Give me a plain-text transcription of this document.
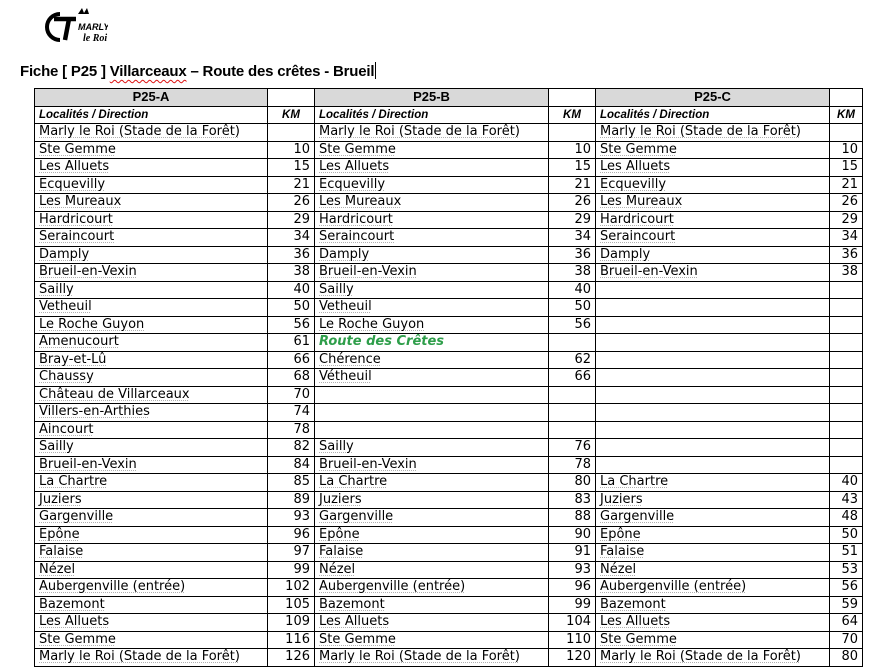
MARLY
le Roi
Fiche [ P25 ] Villarceaux – Route des crêtes - Brueil
P25-A		P25-B		P25-C	
Localités / Direction	KM	Localités / Direction	KM	Localités / Direction	KM
Marly le Roi (Stade de la Forêt)		Marly le Roi (Stade de la Forêt)		Marly le Roi (Stade de la Forêt)	
Ste Gemme	10	Ste Gemme	10	Ste Gemme	10
Les Alluets	15	Les Alluets	15	Les Alluets	15
Ecquevilly	21	Ecquevilly	21	Ecquevilly	21
Les Mureaux	26	Les Mureaux	26	Les Mureaux	26
Hardricourt	29	Hardricourt	29	Hardricourt	29
Seraincourt	34	Seraincourt	34	Seraincourt	34
Damply	36	Damply	36	Damply	36
Brueil-en-Vexin	38	Brueil-en-Vexin	38	Brueil-en-Vexin	38
Sailly	40	Sailly	40		
Vetheuil	50	Vetheuil	50		
Le Roche Guyon	56	Le Roche Guyon	56		
Amenucourt	61	Route des Crêtes			
Bray-et-Lû	66	Chérence	62		
Chaussy	68	Vétheuil	66		
Château de Villarceaux	70				
Villers-en-Arthies	74				
Aincourt	78				
Sailly	82	Sailly	76		
Brueil-en-Vexin	84	Brueil-en-Vexin	78		
La Chartre	85	La Chartre	80	La Chartre	40
Juziers	89	Juziers	83	Juziers	43
Gargenville	93	Gargenville	88	Gargenville	48
Epône	96	Epône	90	Epône	50
Falaise	97	Falaise	91	Falaise	51
Nézel	99	Nézel	93	Nézel	53
Aubergenville (entrée)	102	Aubergenville (entrée)	96	Aubergenville (entrée)	56
Bazemont	105	Bazemont	99	Bazemont	59
Les Alluets	109	Les Alluets	104	Les Alluets	64
Ste Gemme	116	Ste Gemme	110	Ste Gemme	70
Marly le Roi (Stade de la Forêt)	126	Marly le Roi (Stade de la Forêt)	120	Marly le Roi (Stade de la Forêt)	80
